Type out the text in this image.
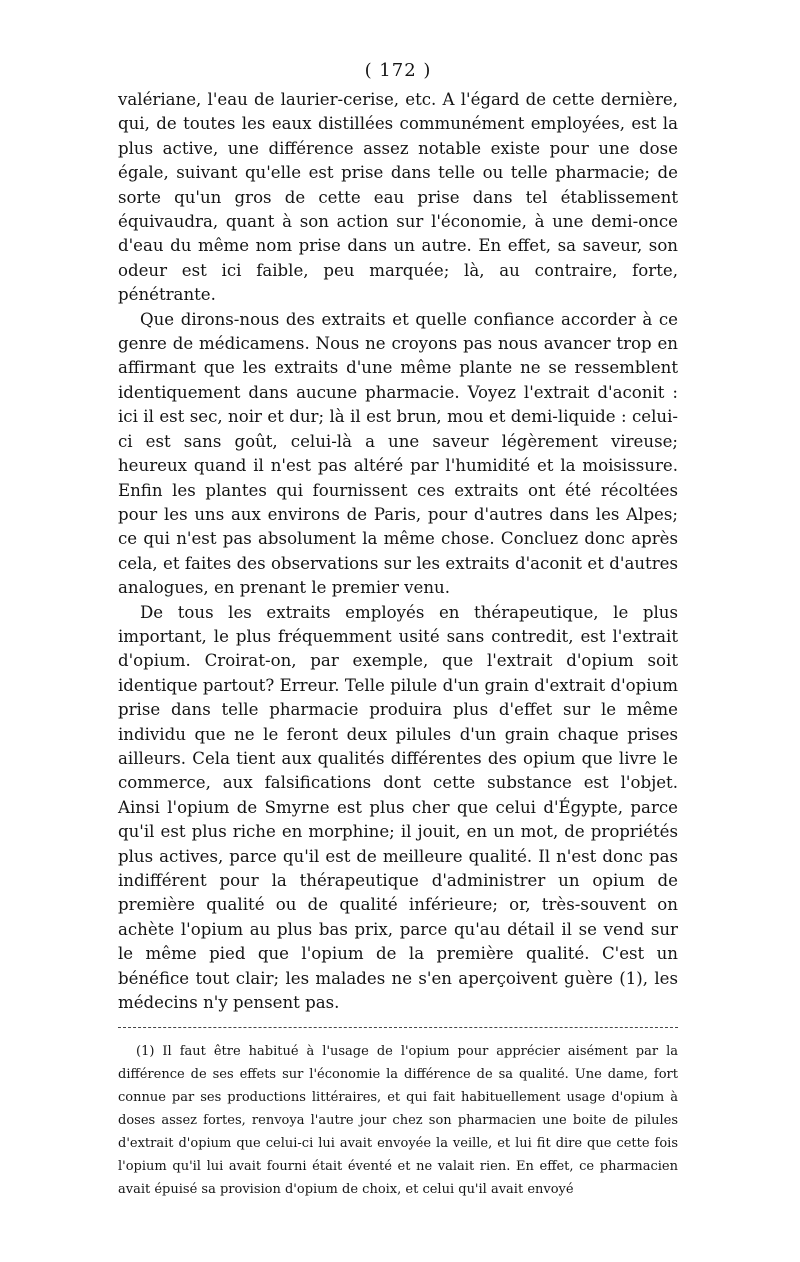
( 172 )

valériane, l'eau de laurier-cerise, etc. A l'égard de cette dernière, qui, de toutes les eaux distillées communément employées, est la plus active, une différence assez notable existe pour une dose égale, suivant qu'elle est prise dans telle ou telle pharmacie; de sorte qu'un gros de cette eau prise dans tel établissement équivaudra, quant à son action sur l'économie, à une demi-once d'eau du même nom prise dans un autre. En effet, sa saveur, son odeur est ici faible, peu marquée; là, au contraire, forte, pénétrante.

Que dirons-nous des extraits et quelle confiance accorder à ce genre de médicamens. Nous ne croyons pas nous avancer trop en affirmant que les extraits d'une même plante ne se ressemblent identiquement dans aucune pharmacie. Voyez l'extrait d'aconit : ici il est sec, noir et dur; là il est brun, mou et demi-liquide : celui-ci est sans goût, celui-là a une saveur légèrement vireuse; heureux quand il n'est pas altéré par l'humidité et la moisissure. Enfin les plantes qui fournissent ces extraits ont été récoltées pour les uns aux environs de Paris, pour d'autres dans les Alpes; ce qui n'est pas absolument la même chose. Concluez donc après cela, et faites des observations sur les extraits d'aconit et d'autres analogues, en prenant le premier venu.

De tous les extraits employés en thérapeutique, le plus important, le plus fréquemment usité sans contredit, est l'extrait d'opium. Croirat-on, par exemple, que l'extrait d'opium soit identique partout? Erreur. Telle pilule d'un grain d'extrait d'opium prise dans telle pharmacie produira plus d'effet sur le même individu que ne le feront deux pilules d'un grain chaque prises ailleurs. Cela tient aux qualités différentes des opium que livre le commerce, aux falsifications dont cette substance est l'objet. Ainsi l'opium de Smyrne est plus cher que celui d'Égypte, parce qu'il est plus riche en morphine; il jouit, en un mot, de propriétés plus actives, parce qu'il est de meilleure qualité. Il n'est donc pas indifférent pour la thérapeutique d'administrer un opium de première qualité ou de qualité inférieure; or, très-souvent on achète l'opium au plus bas prix, parce qu'au détail il se vend sur le même pied que l'opium de la première qualité. C'est un bénéfice tout clair; les malades ne s'en aperçoivent guère (1), les médecins n'y pensent pas.

(1) Il faut être habitué à l'usage de l'opium pour apprécier aisément par la différence de ses effets sur l'économie la différence de sa qualité. Une dame, fort connue par ses productions littéraires, et qui fait habituellement usage d'opium à doses assez fortes, renvoya l'autre jour chez son pharmacien une boite de pilules d'extrait d'opium que celui-ci lui avait envoyée la veille, et lui fit dire que cette fois l'opium qu'il lui avait fourni était éventé et ne valait rien. En effet, ce pharmacien avait épuisé sa provision d'opium de choix, et celui qu'il avait envoyé
